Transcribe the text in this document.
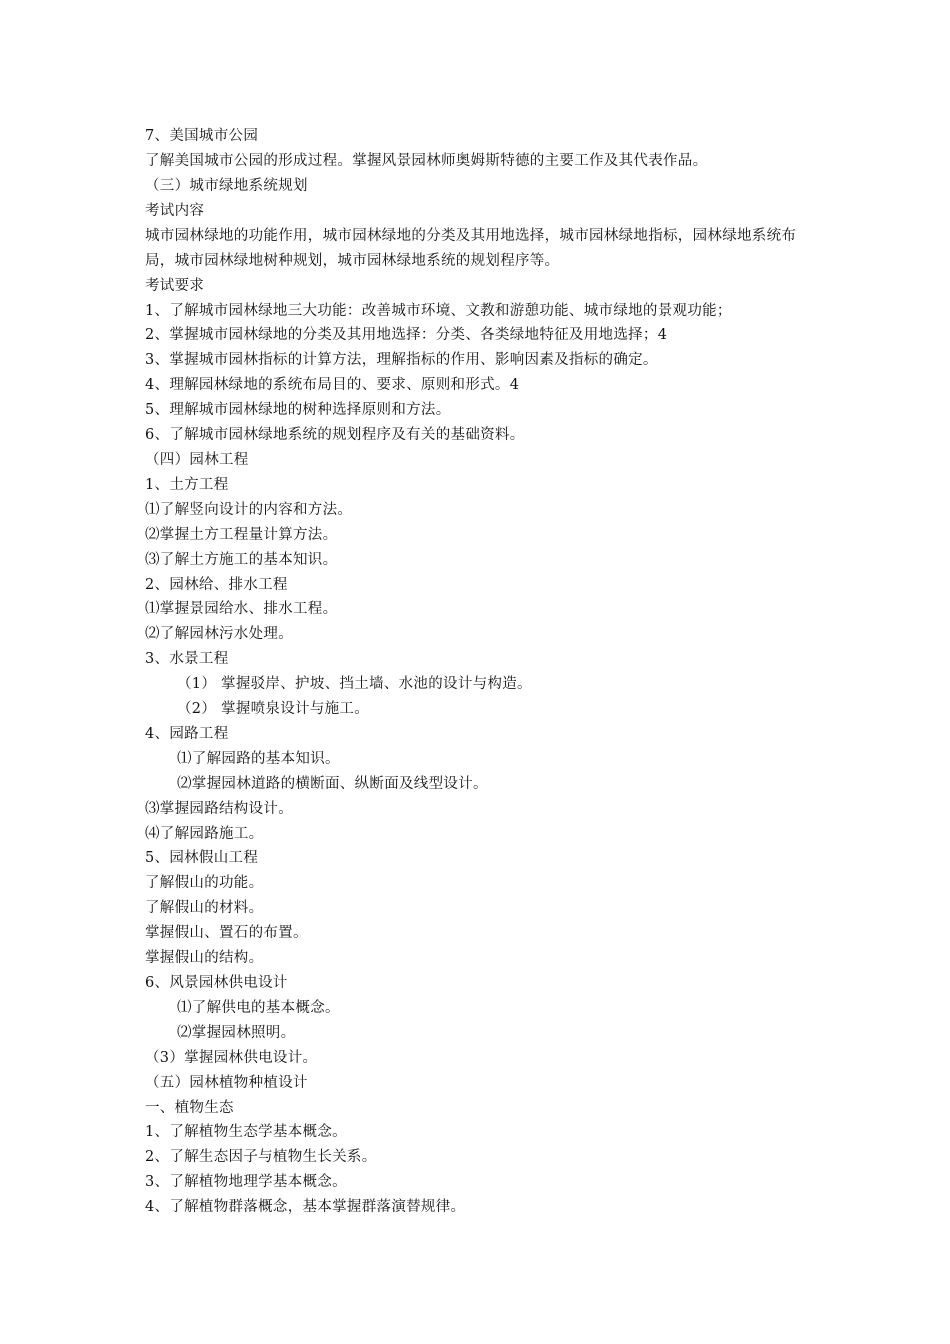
7、美国城市公园

了解美国城市公园的形成过程。掌握风景园林师奥姆斯特德的主要工作及其代表作品。

（三）城市绿地系统规划

考试内容

城市园林绿地的功能作用，城市园林绿地的分类及其用地选择，城市园林绿地指标，园林绿地系统布局，城市园林绿地树种规划，城市园林绿地系统的规划程序等。

考试要求

1、了解城市园林绿地三大功能：改善城市环境、文教和游憩功能、城市绿地的景观功能；

2、掌握城市园林绿地的分类及其用地选择：分类、各类绿地特征及用地选择；4

3、掌握城市园林指标的计算方法，理解指标的作用、影响因素及指标的确定。

4、理解园林绿地的系统布局目的、要求、原则和形式。4

5、理解城市园林绿地的树种选择原则和方法。

6、了解城市园林绿地系统的规划程序及有关的基础资料。

（四）园林工程

1、土方工程

⑴了解竖向设计的内容和方法。

⑵掌握土方工程量计算方法。

⑶了解土方施工的基本知识。

2、园林给、排水工程

⑴掌握景园给水、排水工程。

⑵了解园林污水处理。

3、水景工程

（1） 掌握驳岸、护坡、挡土墙、水池的设计与构造。

（2） 掌握喷泉设计与施工。

4、园路工程

⑴了解园路的基本知识。

⑵掌握园林道路的横断面、纵断面及线型设计。

⑶掌握园路结构设计。

⑷了解园路施工。

5、园林假山工程

了解假山的功能。

了解假山的材料。

掌握假山、置石的布置。

掌握假山的结构。

6、风景园林供电设计

⑴了解供电的基本概念。

⑵掌握园林照明。

（3）掌握园林供电设计。

（五）园林植物种植设计

一、植物生态

1、了解植物生态学基本概念。

2、了解生态因子与植物生长关系。

3、了解植物地理学基本概念。

4、了解植物群落概念，基本掌握群落演替规律。
